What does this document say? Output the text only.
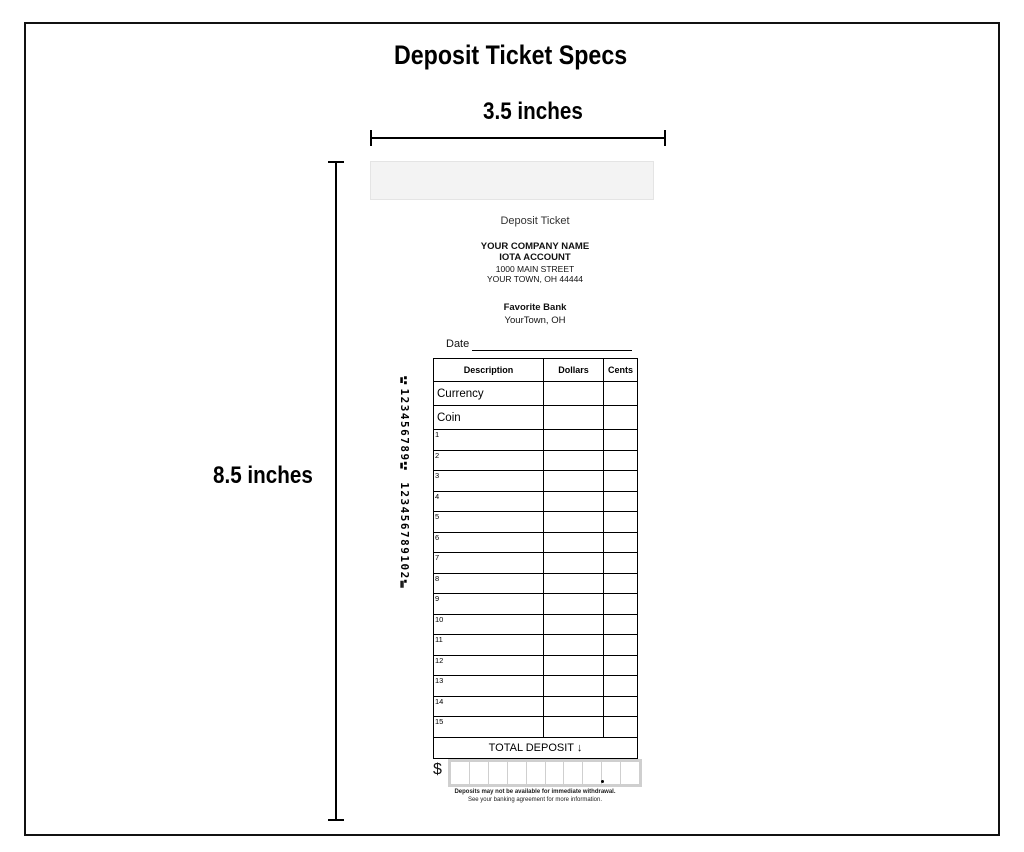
Deposit Ticket Specs
3.5 inches
8.5 inches
Deposit Ticket
YOUR COMPANY NAME
IOTA ACCOUNT
1000 MAIN STREET
YOUR TOWN, OH 44444
Favorite Bank
YourTown, OH
Date
⑆123456789⑆ 123456789102⑈
Description	Dollars	Cents
Currency		
Coin		
1		
2		
3		
4		
5		
6		
7		
8		
9		
10		
11		
12		
13		
14		
15		
TOTAL DEPOSIT ↓		
$
Deposits may not be available for immediate withdrawal.
See your banking agreement for more information.
